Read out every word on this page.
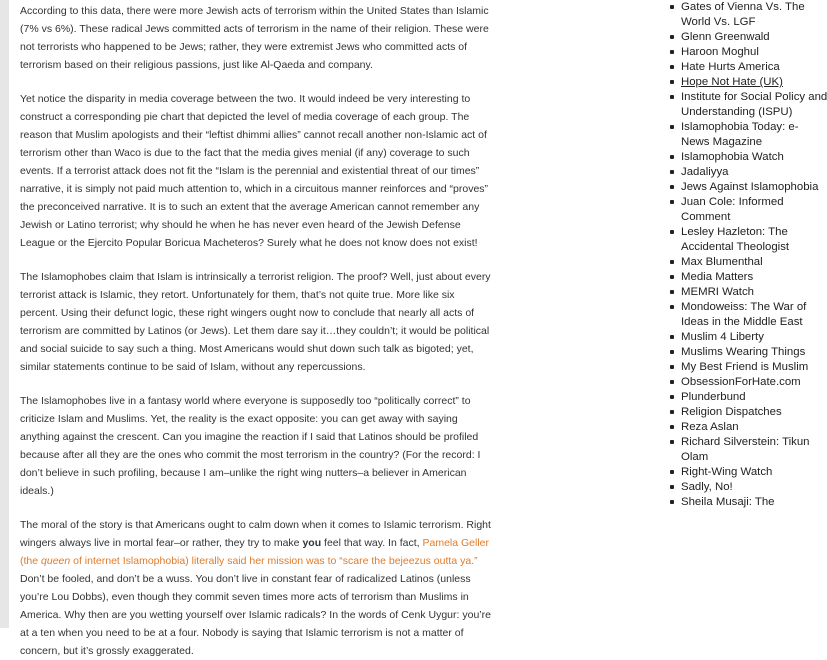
According to this data, there were more Jewish acts of terrorism within the United States than Islamic (7% vs 6%). These radical Jews committed acts of terrorism in the name of their religion. These were not terrorists who happened to be Jews; rather, they were extremist Jews who committed acts of terrorism based on their religious passions, just like Al-Qaeda and company.

Yet notice the disparity in media coverage between the two. It would indeed be very interesting to construct a corresponding pie chart that depicted the level of media coverage of each group. The reason that Muslim apologists and their “leftist dhimmi allies” cannot recall another non-Islamic act of terrorism other than Waco is due to the fact that the media gives menial (if any) coverage to such events. If a terrorist attack does not fit the “Islam is the perennial and existential threat of our times” narrative, it is simply not paid much attention to, which in a circuitous manner reinforces and “proves” the preconceived narrative. It is to such an extent that the average American cannot remember any Jewish or Latino terrorist; why should he when he has never even heard of the Jewish Defense League or the Ejercito Popular Boricua Macheteros? Surely what he does not know does not exist!

The Islamophobes claim that Islam is intrinsically a terrorist religion. The proof? Well, just about every terrorist attack is Islamic, they retort. Unfortunately for them, that’s not quite true. More like six percent. Using their defunct logic, these right wingers ought now to conclude that nearly all acts of terrorism are committed by Latinos (or Jews). Let them dare say it…they couldn’t; it would be political and social suicide to say such a thing. Most Americans would shut down such talk as bigoted; yet, similar statements continue to be said of Islam, without any repercussions.

The Islamophobes live in a fantasy world where everyone is supposedly too “politically correct” to criticize Islam and Muslims. Yet, the reality is the exact opposite: you can get away with saying anything against the crescent. Can you imagine the reaction if I said that Latinos should be profiled because after all they are the ones who commit the most terrorism in the country? (For the record: I don’t believe in such profiling, because I am–unlike the right wing nutters–a believer in American ideals.)

The moral of the story is that Americans ought to calm down when it comes to Islamic terrorism. Right wingers always live in mortal fear–or rather, they try to make you feel that way. In fact, Pamela Geller (the queen of internet Islamophobia) literally said her mission was to “scare the bejeezus outta ya.” Don’t be fooled, and don’t be a wuss. You don’t live in constant fear of radicalized Latinos (unless you’re Lou Dobbs), even though they commit seven times more acts of terrorism than Muslims in America. Why then are you wetting yourself over Islamic radicals? In the words of Cenk Uygur: you’re at a ten when you need to be at a four. Nobody is saying that Islamic terrorism is not a matter of concern, but it’s grossly exaggerated.

Gates of Vienna Vs. The
World Vs. LGF
Glenn Greenwald
Haroon Moghul
Hate Hurts America
Hope Not Hate (UK)
Institute for Social Policy and
Understanding (ISPU)
Islamophobia Today: e-
News Magazine
Islamophobia Watch
Jadaliyya
Jews Against Islamophobia
Juan Cole: Informed
Comment
Lesley Hazleton: The
Accidental Theologist
Max Blumenthal
Media Matters
MEMRI Watch
Mondoweiss: The War of
Ideas in the Middle East
Muslim 4 Liberty
Muslims Wearing Things
My Best Friend is Muslim
ObsessionForHate.com
Plunderbund
Religion Dispatches
Reza Aslan
Richard Silverstein: Tikun
Olam
Right-Wing Watch
Sadly, No!
Sheila Musaji: The
